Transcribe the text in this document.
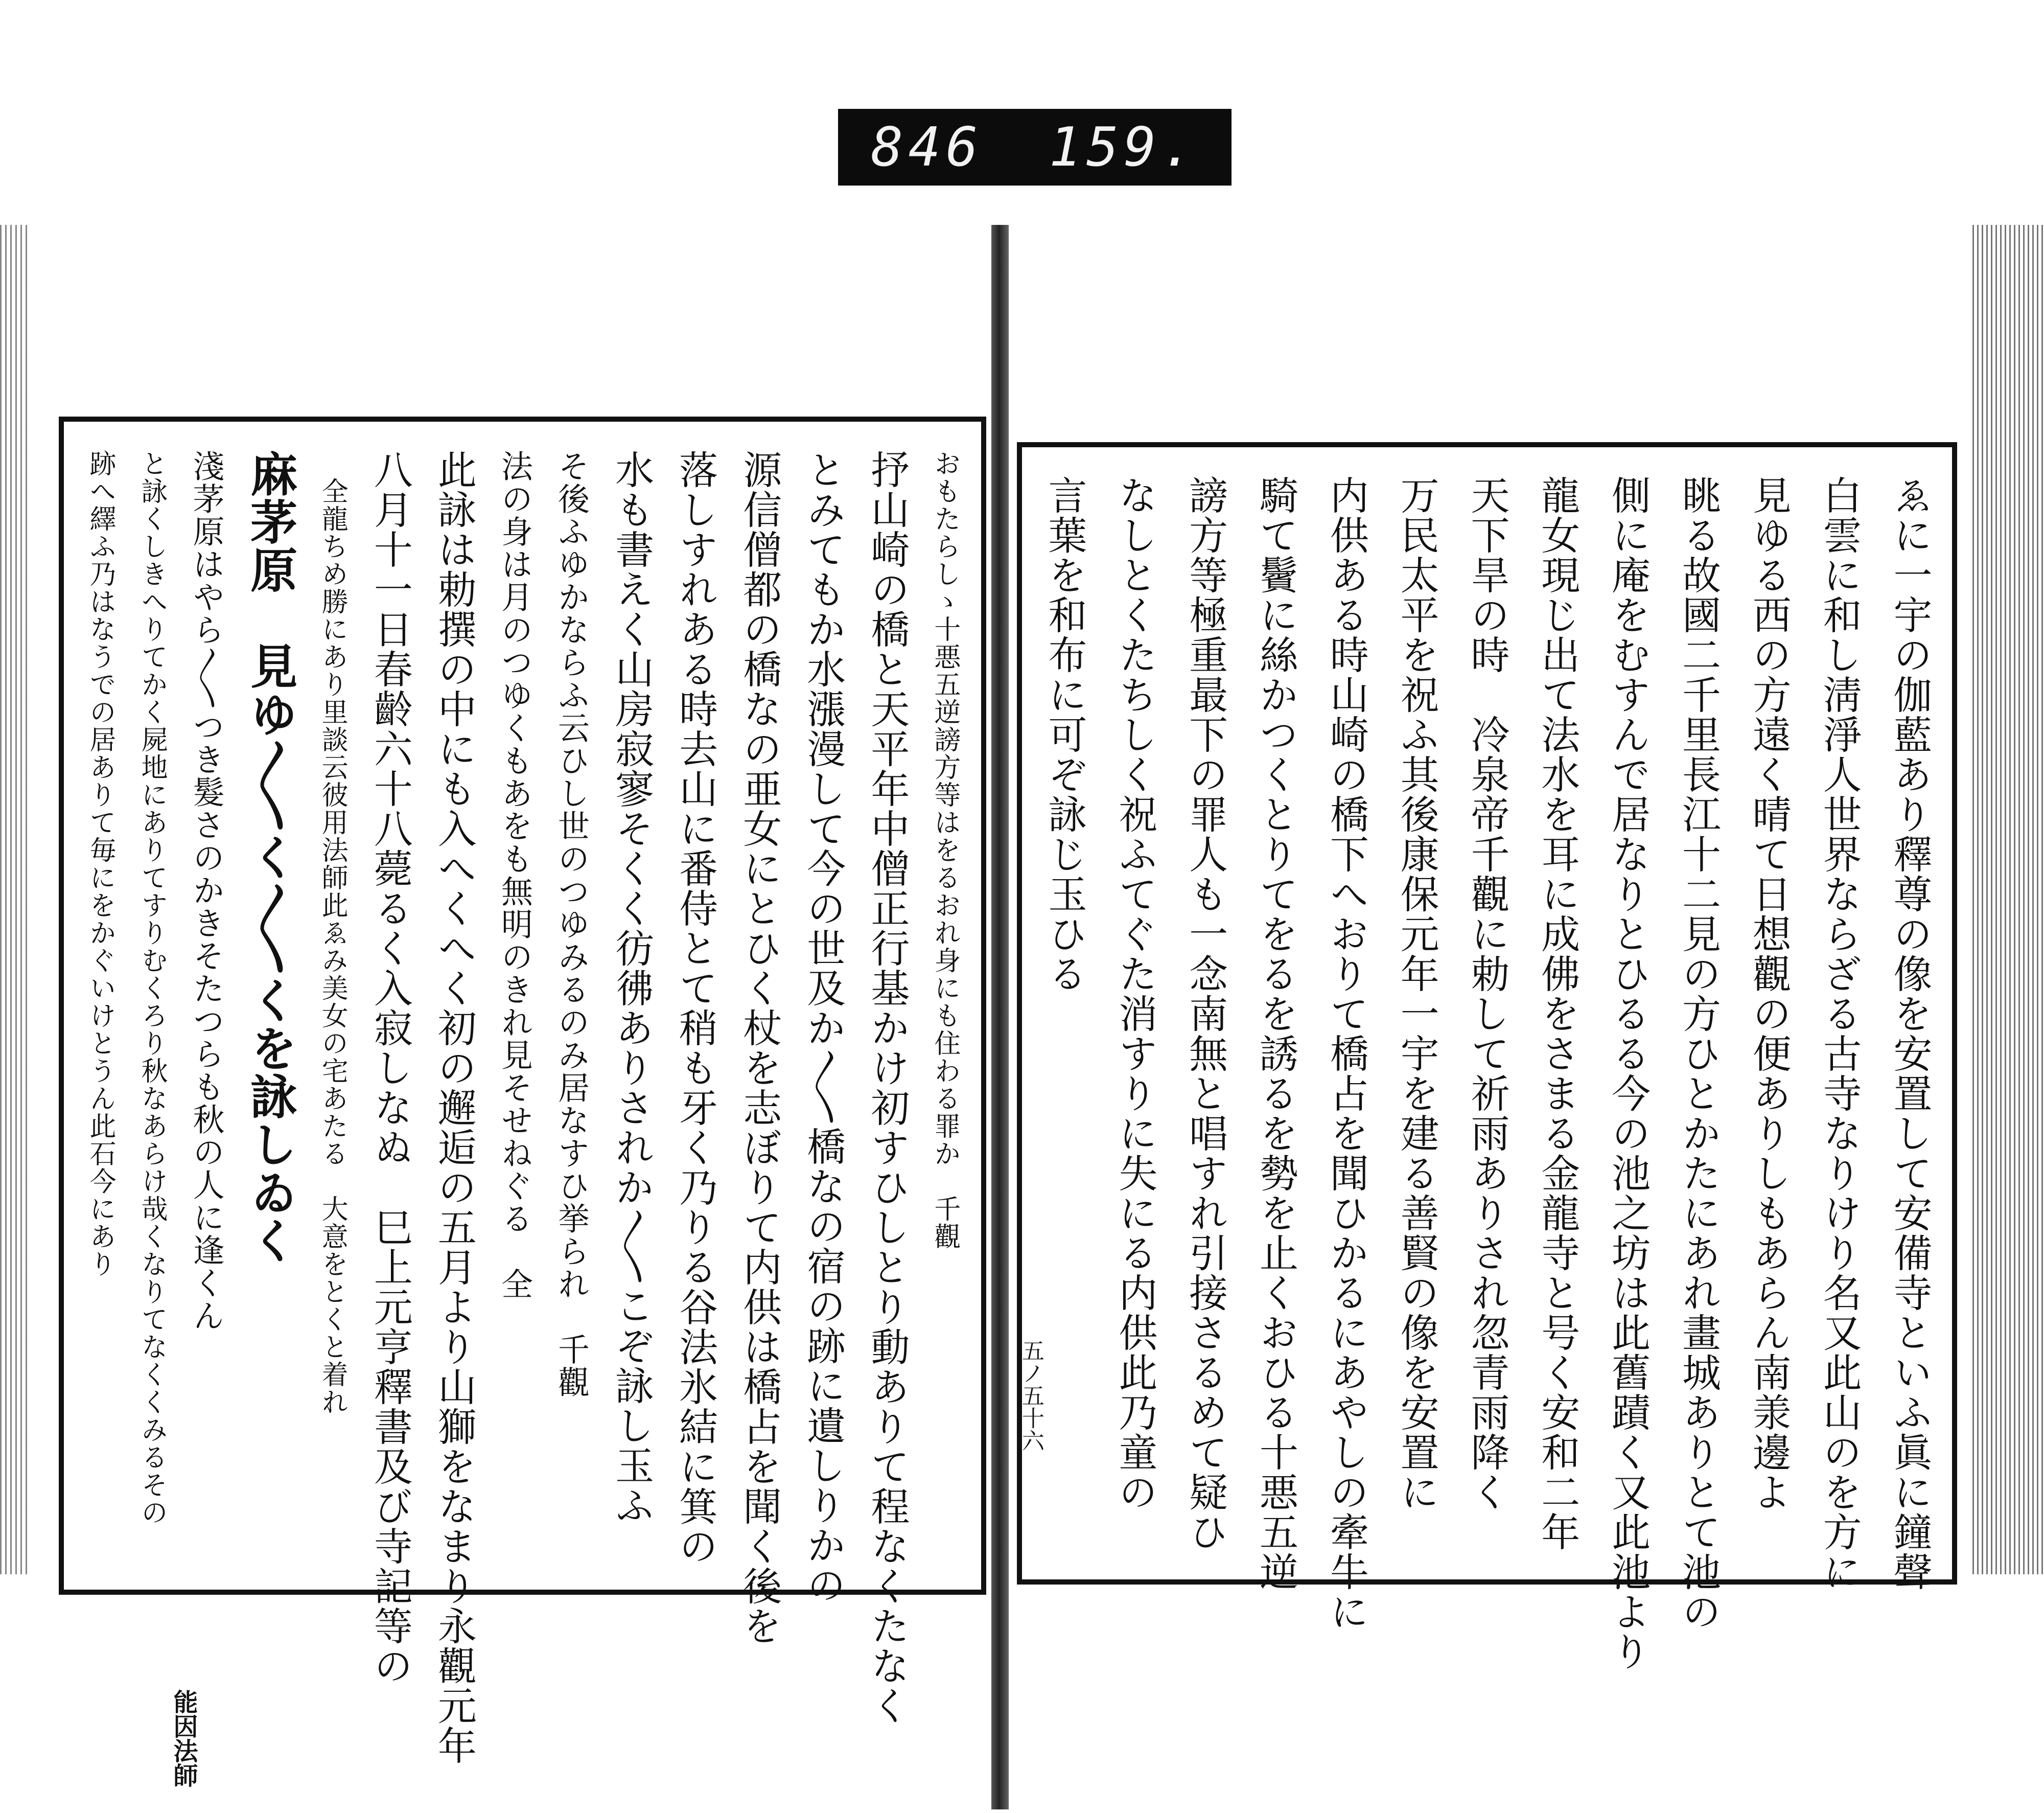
846 159.
おもたらしゝ十悪五逆謗方等はをるおれ身にも住わる罪か　千觀
抒山崎の橋と天平年中僧正行基かけ初すひしとり動ありて程なくたなく
とみてもか水漲漫して今の世及か〳〵橋なの宿の跡に遺しりかの
源信僧都の橋なの亜女にとひく杖を志ぼりて内供は橋占を聞く後を
落しすれある時去山に番侍とて稍も牙く乃りる谷法氷結に箕の
水も書えく山房寂寥そくく彷彿ありされか〳〵こぞ詠し玉ふ
そ後ふゆかならふ云ひし世のつゆみるのみ居なすひ挙られ　千觀
法の身は月のつゆくもあをも無明のきれ見そせねぐる　全
此詠は勅撰の中にも入へくへく初の邂逅の五月より山獅をなまり永觀元年
八月十一日春齡六十八薨るく入寂しなぬ　巳上元亨釋書及び寺記等の
　全龍ちめ勝にあり里談云彼用法師此ゑみ美女の宅あたる　大意をとくと着れ
麻茅原　見ゆ〳〵く〳〵くを詠しゐく
淺茅原はやら〳〵つき髮さのかきそたつらも秋の人に逢くん
と詠くしきへりてかく屍地にありてすりむくろり秋なあらけ哉くなりてなくくみるその
跡へ繹ふ乃はなうでの居ありて毎にをかぐいけとうん此石今にあり
能因法師
ゑに一宇の伽藍あり釋尊の像を安置して安備寺といふ眞に鐘聲
白雲に和し淸淨人世界ならざる古寺なりけり名又此山のを方に
見ゆる西の方遠く晴て日想觀の便ありしもあらん南𣴎邊よ
眺る故國二千里長江十二見の方ひとかたにあれ畫城ありとて池の
側に庵をむすんで居なりとひるる今の池之坊は此舊蹟く又此池より
龍女現じ出て法水を耳に成佛をさまる金龍寺と号く安和二年
天下旱の時　冷泉帝千觀に勅して祈雨ありされ忽青雨降く
万民太平を祝ふ其後康保元年一宇を建る善賢の像を安置に
内供ある時山崎の橋下へおりて橋占を聞ひかるにあやしの牽牛に
騎て鬢に絲かつくとりてをるを誘るを勢を止くおひる十悪五逆
謗方等極重最下の罪人も一念南無と唱すれ引接さるめて疑ひ
なしとくたちしく祝ふてぐた消すりに失にる内供此乃童の
言葉を和布に可ぞ詠じ玉ひる
五ノ五十六
